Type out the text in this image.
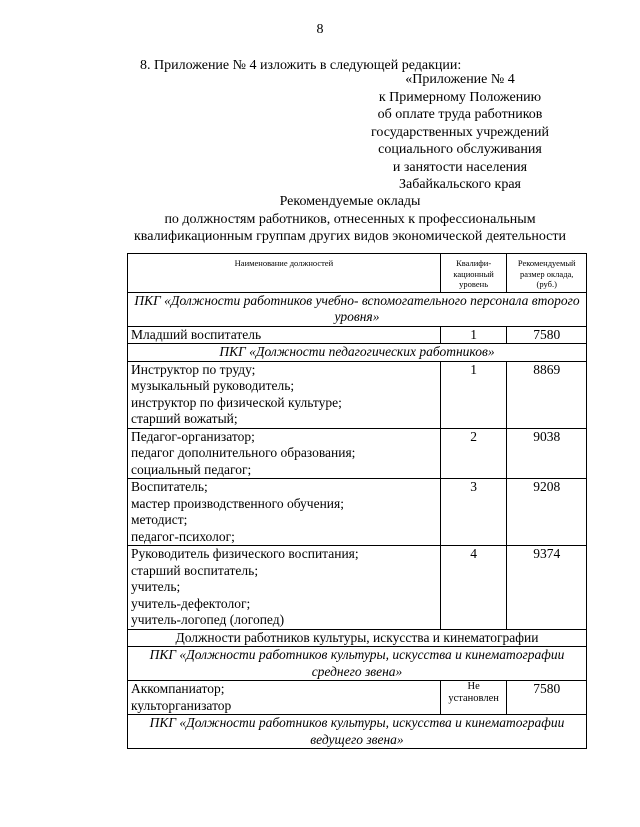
8
8. Приложение № 4 изложить в следующей редакции:
«Приложение № 4
к Примерному Положению
об оплате труда работников
государственных учреждений
социального обслуживания
и занятости населения
Забайкальского края
Рекомендуемые оклады
по должностям работников, отнесенных к профессиональным
квалификационным группам других видов экономической деятельности
Наименование должностей	Квалифи-кационный уровень	Рекомендуемый размер оклада, (руб.)
ПКГ «Должности работников учебно- вспомогательного персонала второго уровня»		

Младший воспитатель	1	7580
ПКГ «Должности педагогических работников»		

Инструктор по труду;
музыкальный руководитель;
инструктор по физической культуре;
старший вожатый;	1	8869

Педагог-организатор;
педагог дополнительного образования;
социальный педагог;	2	9038

Воспитатель;
мастер производственного обучения;
методист;
педагог-психолог;	3	9208

Руководитель физического воспитания;
старший воспитатель;
учитель;
учитель-дефектолог;
учитель-логопед (логопед)	4	9374
Должности работников культуры, искусства и кинематографии		
ПКГ «Должности работников культуры, искусства и кинематографии среднего звена»		

Аккомпаниатор;
культорганизатор	Не установлен	7580
ПКГ «Должности работников культуры, искусства и кинематографии ведущего звена»		
